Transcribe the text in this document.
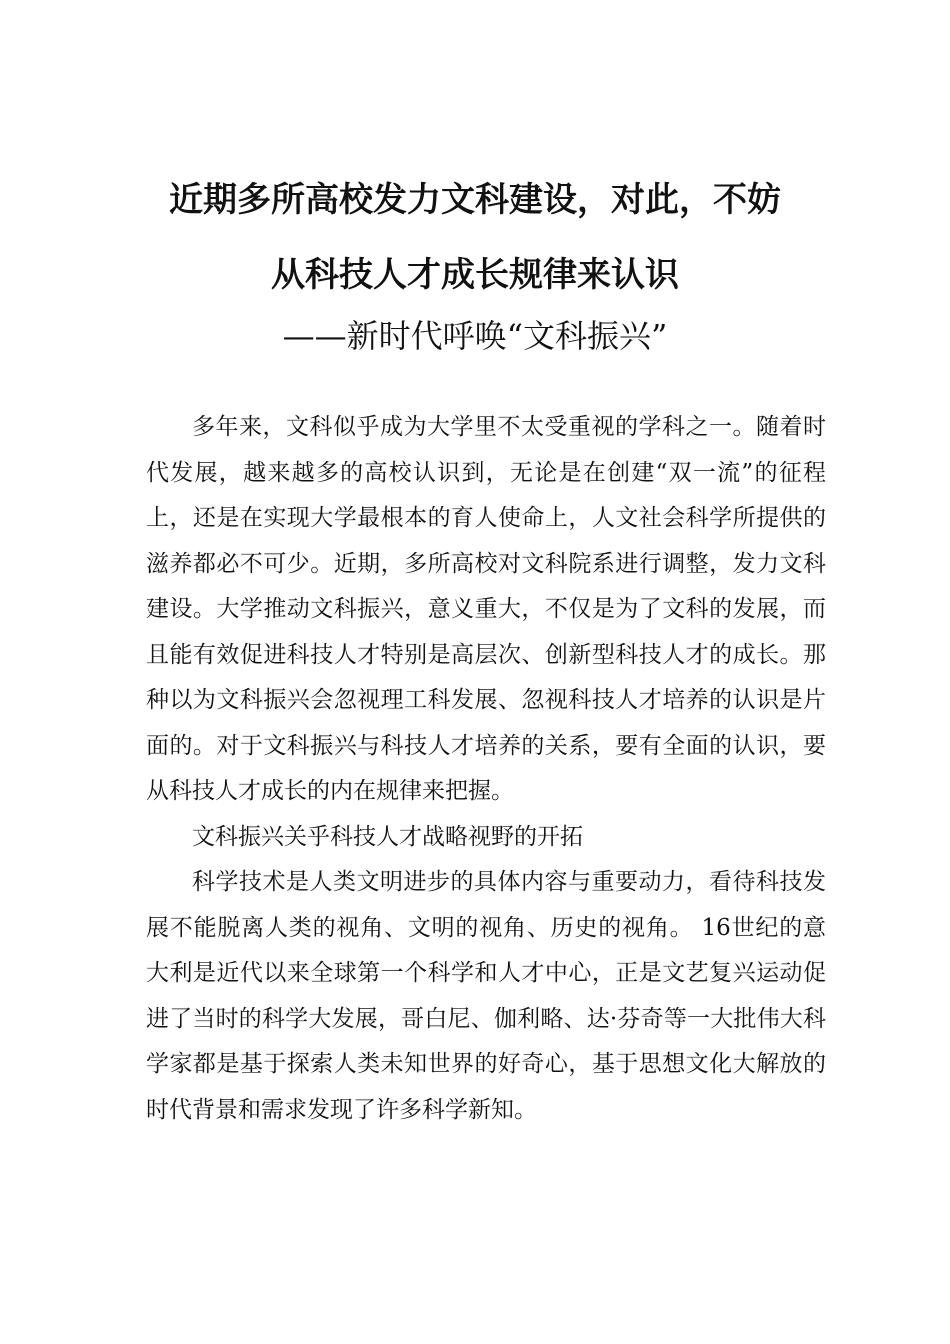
近期多所高校发力文科建设，对此，不妨
从科技人才成长规律来认识
——新时代呼唤“文科振兴”

多年来，文科似乎成为大学里不太受重视的学科之一。随着时代发展，越来越多的高校认识到，无论是在创建“双一流”的征程上，还是在实现大学最根本的育人使命上，人文社会科学所提供的滋养都必不可少。近期，多所高校对文科院系进行调整，发力文科建设。大学推动文科振兴，意义重大，不仅是为了文科的发展，而且能有效促进科技人才特别是高层次、创新型科技人才的成长。那种以为文科振兴会忽视理工科发展、忽视科技人才培养的认识是片面的。对于文科振兴与科技人才培养的关系，要有全面的认识，要从科技人才成长的内在规律来把握。

文科振兴关乎科技人才战略视野的开拓

科学技术是人类文明进步的具体内容与重要动力，看待科技发展不能脱离人类的视角、文明的视角、历史的视角。 16世纪的意大利是近代以来全球第一个科学和人才中心，正是文艺复兴运动促进了当时的科学大发展，哥白尼、伽利略、达·芬奇等一大批伟大科学家都是基于探索人类未知世界的好奇心，基于思想文化大解放的时代背景和需求发现了许多科学新知。
